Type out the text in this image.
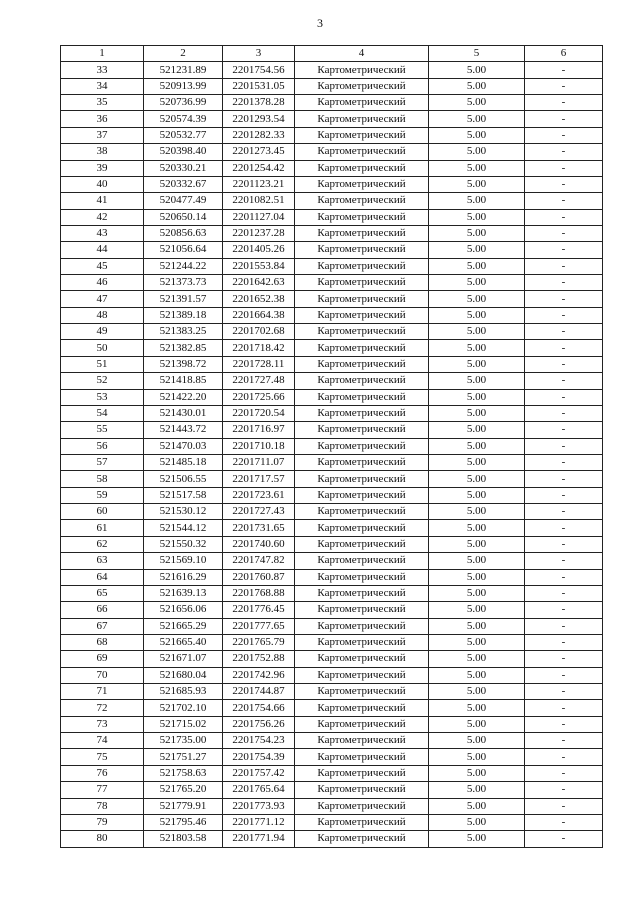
3
1	2	3	4	5	6
33	521231.89	2201754.56	Картометрический	5.00	-
34	520913.99	2201531.05	Картометрический	5.00	-
35	520736.99	2201378.28	Картометрический	5.00	-
36	520574.39	2201293.54	Картометрический	5.00	-
37	520532.77	2201282.33	Картометрический	5.00	-
38	520398.40	2201273.45	Картометрический	5.00	-
39	520330.21	2201254.42	Картометрический	5.00	-
40	520332.67	2201123.21	Картометрический	5.00	-
41	520477.49	2201082.51	Картометрический	5.00	-
42	520650.14	2201127.04	Картометрический	5.00	-
43	520856.63	2201237.28	Картометрический	5.00	-
44	521056.64	2201405.26	Картометрический	5.00	-
45	521244.22	2201553.84	Картометрический	5.00	-
46	521373.73	2201642.63	Картометрический	5.00	-
47	521391.57	2201652.38	Картометрический	5.00	-
48	521389.18	2201664.38	Картометрический	5.00	-
49	521383.25	2201702.68	Картометрический	5.00	-
50	521382.85	2201718.42	Картометрический	5.00	-
51	521398.72	2201728.11	Картометрический	5.00	-
52	521418.85	2201727.48	Картометрический	5.00	-
53	521422.20	2201725.66	Картометрический	5.00	-
54	521430.01	2201720.54	Картометрический	5.00	-
55	521443.72	2201716.97	Картометрический	5.00	-
56	521470.03	2201710.18	Картометрический	5.00	-
57	521485.18	2201711.07	Картометрический	5.00	-
58	521506.55	2201717.57	Картометрический	5.00	-
59	521517.58	2201723.61	Картометрический	5.00	-
60	521530.12	2201727.43	Картометрический	5.00	-
61	521544.12	2201731.65	Картометрический	5.00	-
62	521550.32	2201740.60	Картометрический	5.00	-
63	521569.10	2201747.82	Картометрический	5.00	-
64	521616.29	2201760.87	Картометрический	5.00	-
65	521639.13	2201768.88	Картометрический	5.00	-
66	521656.06	2201776.45	Картометрический	5.00	-
67	521665.29	2201777.65	Картометрический	5.00	-
68	521665.40	2201765.79	Картометрический	5.00	-
69	521671.07	2201752.88	Картометрический	5.00	-
70	521680.04	2201742.96	Картометрический	5.00	-
71	521685.93	2201744.87	Картометрический	5.00	-
72	521702.10	2201754.66	Картометрический	5.00	-
73	521715.02	2201756.26	Картометрический	5.00	-
74	521735.00	2201754.23	Картометрический	5.00	-
75	521751.27	2201754.39	Картометрический	5.00	-
76	521758.63	2201757.42	Картометрический	5.00	-
77	521765.20	2201765.64	Картометрический	5.00	-
78	521779.91	2201773.93	Картометрический	5.00	-
79	521795.46	2201771.12	Картометрический	5.00	-
80	521803.58	2201771.94	Картометрический	5.00	-
